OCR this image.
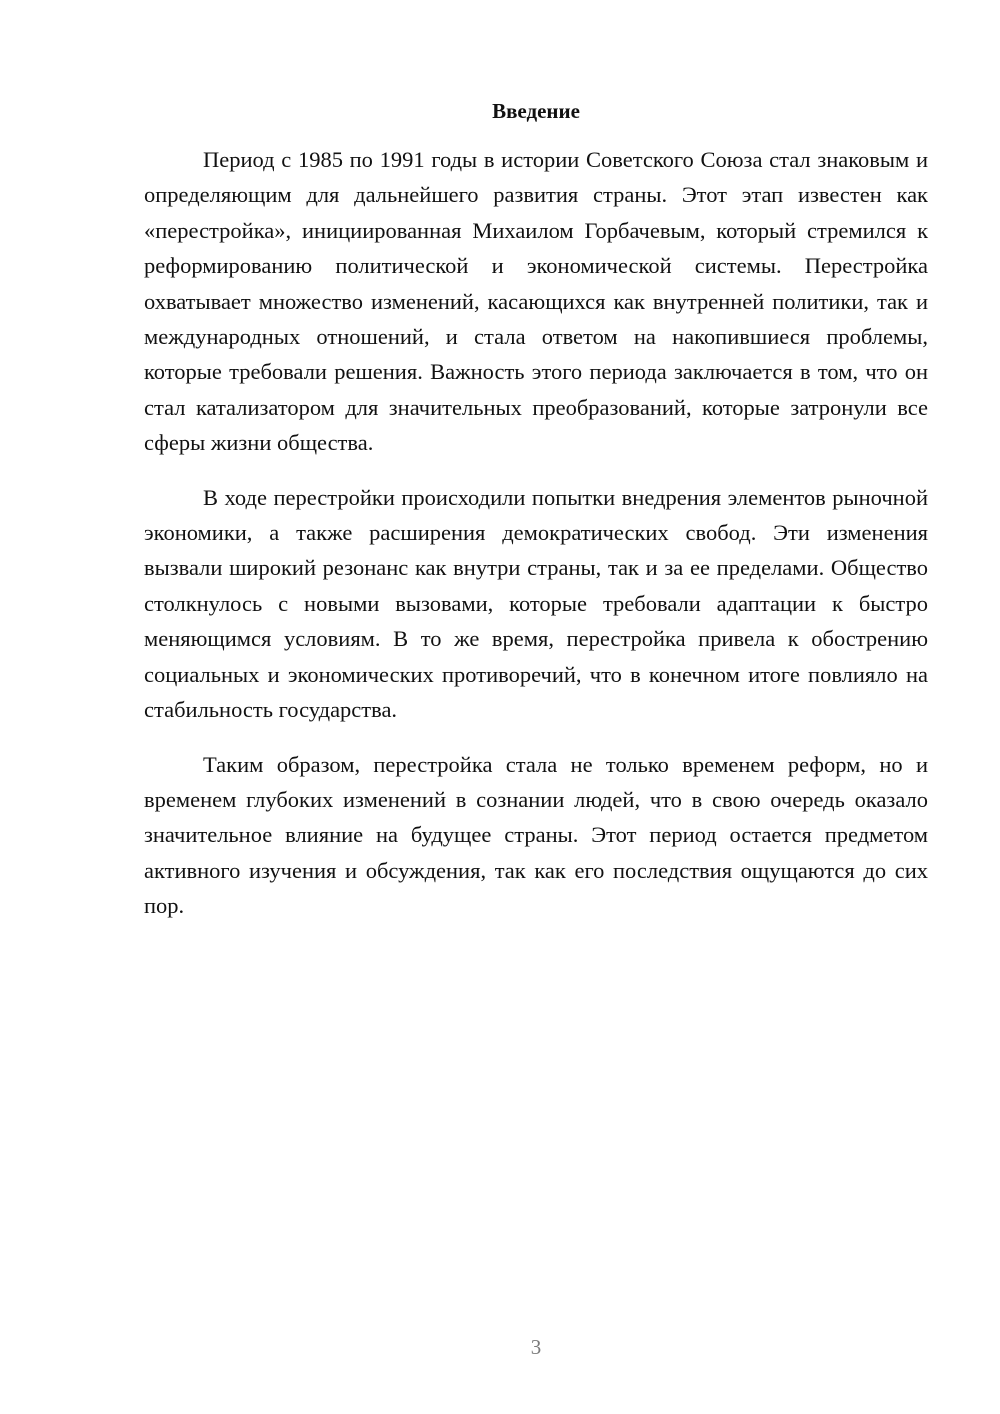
Введение

Период с 1985 по 1991 годы в истории Советского Союза стал знаковым и определяющим для дальнейшего развития страны. Этот этап известен как «перестройка», инициированная Михаилом Горбачевым, который стремился к реформированию политической и экономической системы. Перестройка охватывает множество изменений, касающихся как внутренней политики, так и международных отношений, и стала ответом на накопившиеся проблемы, которые требовали решения. Важность этого периода заключается в том, что он стал катализатором для значительных преобразований, которые затронули все сферы жизни общества.

В ходе перестройки происходили попытки внедрения элементов рыночной экономики, а также расширения демократических свобод. Эти изменения вызвали широкий резонанс как внутри страны, так и за ее пределами. Общество столкнулось с новыми вызовами, которые требовали адаптации к быстро меняющимся условиям. В то же время, перестройка привела к обострению социальных и экономических противоречий, что в конечном итоге повлияло на стабильность государства.

Таким образом, перестройка стала не только временем реформ, но и временем глубоких изменений в сознании людей, что в свою очередь оказало значительное влияние на будущее страны. Этот период остается предметом активного изучения и обсуждения, так как его последствия ощущаются до сих пор.

3
